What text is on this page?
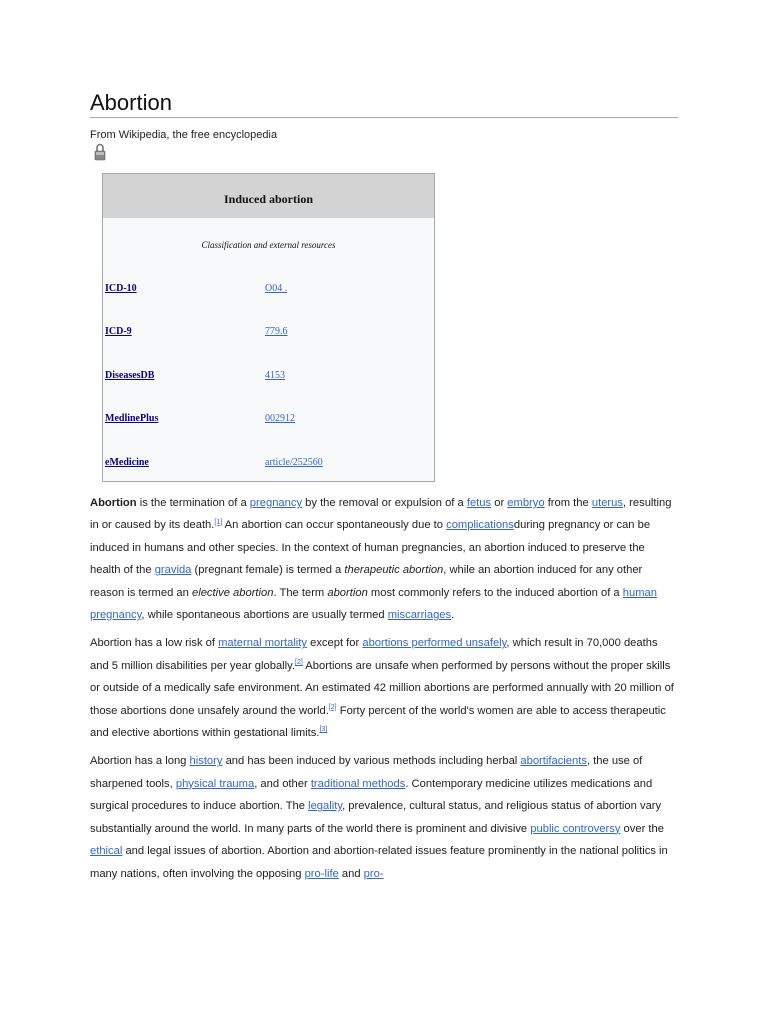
Abortion
From Wikipedia, the free encyclopedia
Induced abortion
Classification and external resources
ICD-10	O04 .
ICD-9	779.6
DiseasesDB	4153
MedlinePlus	002912
eMedicine	article/252560

Abortion is the termination of a pregnancy by the removal or expulsion of a fetus or embryo from the uterus, resulting in or caused by its death.[1] An abortion can occur spontaneously due to complicationsduring pregnancy or can be induced in humans and other species. In the context of human pregnancies, an abortion induced to preserve the health of the gravida (pregnant female) is termed a therapeutic abortion, while an abortion induced for any other reason is termed an elective abortion. The term abortion most commonly refers to the induced abortion of a human pregnancy, while spontaneous abortions are usually termed miscarriages.

Abortion has a low risk of maternal mortality except for abortions performed unsafely, which result in 70,000 deaths and 5 million disabilities per year globally.[2] Abortions are unsafe when performed by persons without the proper skills or outside of a medically safe environment. An estimated 42 million abortions are performed annually with 20 million of those abortions done unsafely around the world.[2] Forty percent of the world's women are able to access therapeutic and elective abortions within gestational limits.[3]

Abortion has a long history and has been induced by various methods including herbal abortifacients, the use of sharpened tools, physical trauma, and other traditional methods. Contemporary medicine utilizes medications and surgical procedures to induce abortion. The legality, prevalence, cultural status, and religious status of abortion vary substantially around the world. In many parts of the world there is prominent and divisive public controversy over the ethical and legal issues of abortion. Abortion and abortion-related issues feature prominently in the national politics in many nations, often involving the opposing pro-life and pro-
